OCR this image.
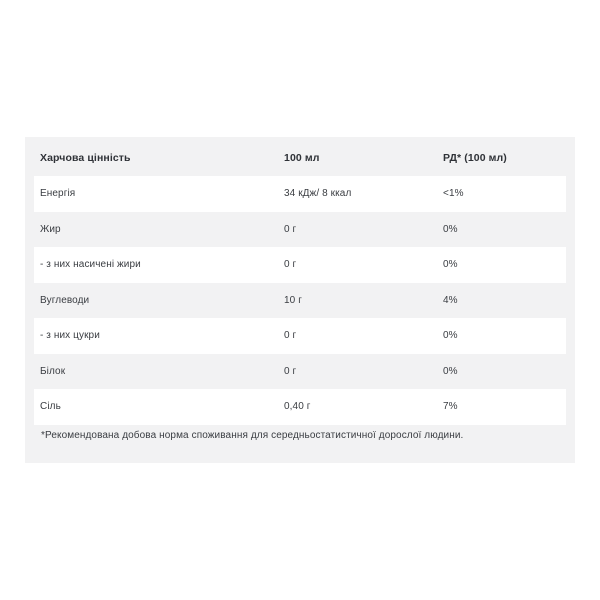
Харчова цінність	100 мл	РД* (100 мл)
Енергія	34 кДж/ 8 ккал	<1%
Жир	0 г	0%
- з них насичені жири	0 г	0%
Вуглеводи	10 г	4%
- з них цукри	0 г	0%
Білок	0 г	0%
Сіль	0,40 г	7%
*Рекомендована добова норма споживання для середньостатистичної дорослої людини.
